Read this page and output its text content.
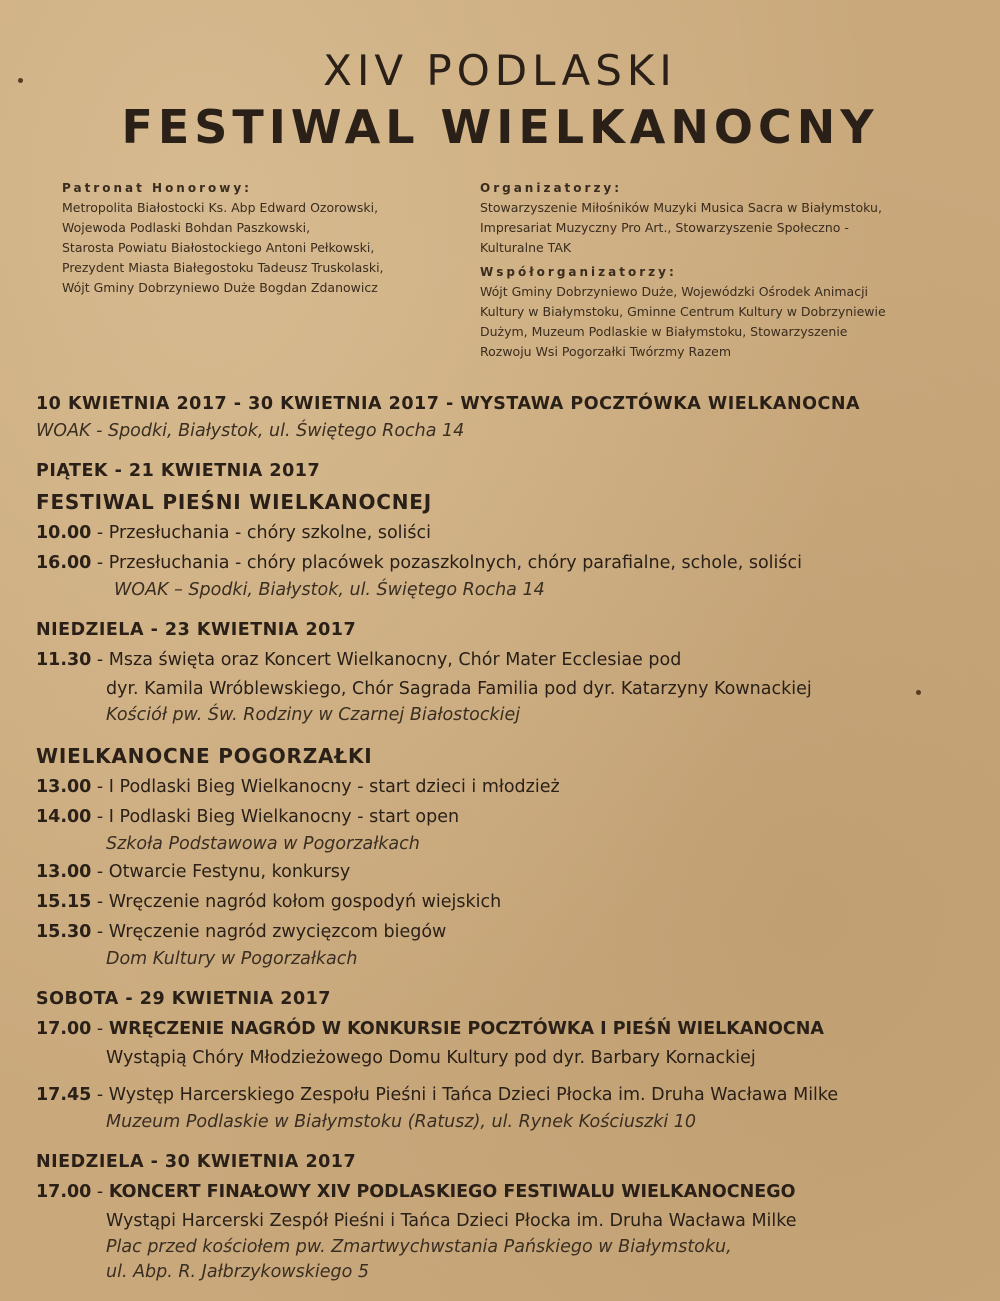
XIV PODLASKI
FESTIWAL WIELKANOCNY
Patronat Honorowy:
Metropolita Białostocki Ks. Abp Edward Ozorowski,
Wojewoda Podlaski Bohdan Paszkowski,
Starosta Powiatu Białostockiego Antoni Pełkowski,
Prezydent Miasta Białegostoku Tadeusz Truskolaski,
Wójt Gminy Dobrzyniewo Duże Bogdan Zdanowicz
Organizatorzy:
Stowarzyszenie Miłośników Muzyki Musica Sacra w Białymstoku,
Impresariat Muzyczny Pro Art., Stowarzyszenie Społeczno -
Kulturalne TAK
Współorganizatorzy:
Wójt Gminy Dobrzyniewo Duże, Wojewódzki Ośrodek Animacji
Kultury w Białymstoku, Gminne Centrum Kultury w Dobrzyniewie
Dużym, Muzeum Podlaskie w Białymstoku, Stowarzyszenie
Rozwoju Wsi Pogorzałki Twórzmy Razem
10 KWIETNIA 2017 - 30 KWIETNIA 2017 - WYSTAWA POCZTÓWKA WIELKANOCNA
WOAK - Spodki, Białystok, ul. Świętego Rocha 14
PIĄTEK - 21 KWIETNIA 2017
FESTIWAL PIEŚNI WIELKANOCNEJ
10.00 - Przesłuchania - chóry szkolne, soliści
16.00 - Przesłuchania - chóry placówek pozaszkolnych, chóry parafialne, schole, soliści
WOAK – Spodki, Białystok, ul. Świętego Rocha 14
NIEDZIELA - 23 KWIETNIA 2017
11.30 - Msza święta oraz Koncert Wielkanocny, Chór Mater Ecclesiae pod
dyr. Kamila Wróblewskiego, Chór Sagrada Familia pod dyr. Katarzyny Kownackiej
Kościół pw. Św. Rodziny w Czarnej Białostockiej
WIELKANOCNE POGORZAŁKI
13.00 - I Podlaski Bieg Wielkanocny - start dzieci i młodzież
14.00 - I Podlaski Bieg Wielkanocny - start open
Szkoła Podstawowa w Pogorzałkach
13.00 - Otwarcie Festynu, konkursy
15.15 - Wręczenie nagród kołom gospodyń wiejskich
15.30 - Wręczenie nagród zwycięzcom biegów
Dom Kultury w Pogorzałkach
SOBOTA - 29 KWIETNIA 2017
17.00 - WRĘCZENIE NAGRÓD W KONKURSIE POCZTÓWKA I PIEŚŃ WIELKANOCNA
Wystąpią Chóry Młodzieżowego Domu Kultury pod dyr. Barbary Kornackiej
17.45 - Występ Harcerskiego Zespołu Pieśni i Tańca Dzieci Płocka im. Druha Wacława Milke
Muzeum Podlaskie w Białymstoku (Ratusz), ul. Rynek Kościuszki 10
NIEDZIELA - 30 KWIETNIA 2017
17.00 - KONCERT FINAŁOWY XIV PODLASKIEGO FESTIWALU WIELKANOCNEGO
Wystąpi Harcerski Zespół Pieśni i Tańca Dzieci Płocka im. Druha Wacława Milke
Plac przed kościołem pw. Zmartwychwstania Pańskiego w Białymstoku,
ul. Abp. R. Jałbrzykowskiego 5
